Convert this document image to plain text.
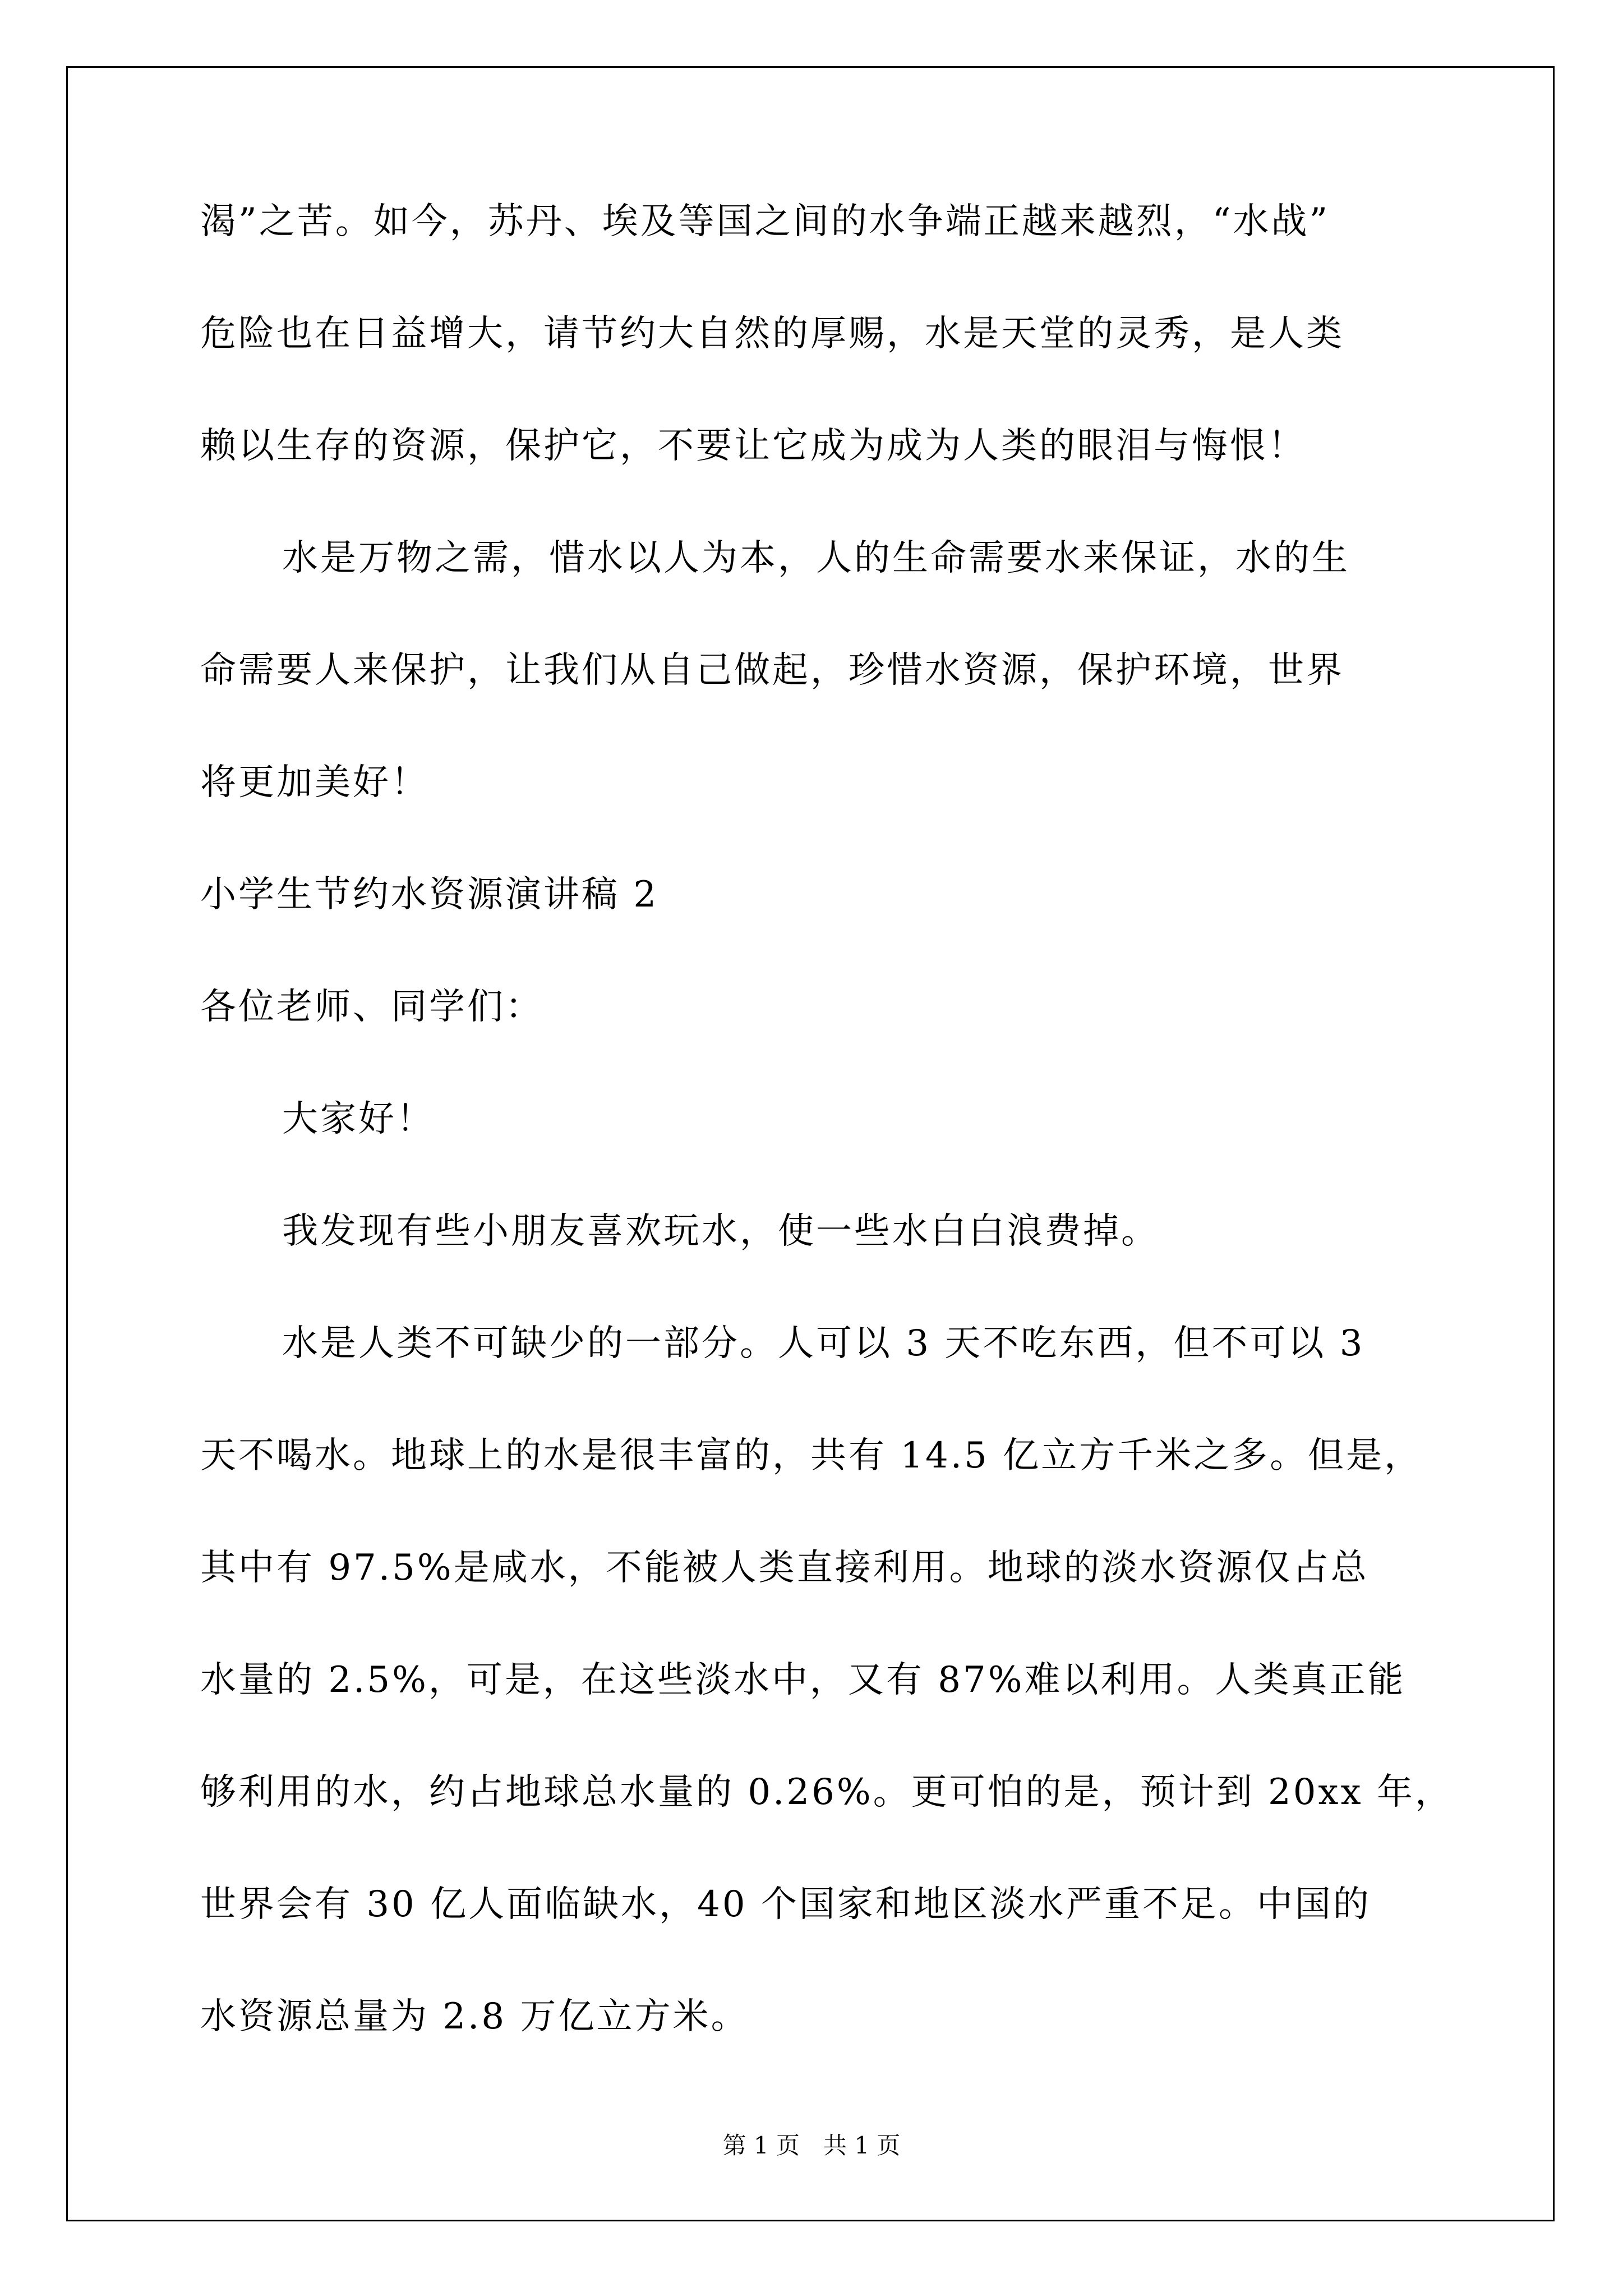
渴”之苦。如今，苏丹、埃及等国之间的水争端正越来越烈，“水战”
危险也在日益增大，请节约大自然的厚赐，水是天堂的灵秀，是人类
赖以生存的资源，保护它，不要让它成为成为人类的眼泪与悔恨！
水是万物之需，惜水以人为本，人的生命需要水来保证，水的生
命需要人来保护，让我们从自己做起，珍惜水资源，保护环境，世界
将更加美好！
小学生节约水资源演讲稿 2
各位老师、同学们：
大家好！
我发现有些小朋友喜欢玩水，使一些水白白浪费掉。
水是人类不可缺少的一部分。人可以 3 天不吃东西，但不可以 3
天不喝水。地球上的水是很丰富的，共有 14.5 亿立方千米之多。但是，
其中有 97.5%是咸水，不能被人类直接利用。地球的淡水资源仅占总
水量的 2.5%，可是，在这些淡水中，又有 87%难以利用。人类真正能
够利用的水，约占地球总水量的 0.26%。更可怕的是，预计到 20xx 年，
世界会有 30 亿人面临缺水，40 个国家和地区淡水严重不足。中国的
水资源总量为 2.8 万亿立方米。
第 1 页　共 1 页
